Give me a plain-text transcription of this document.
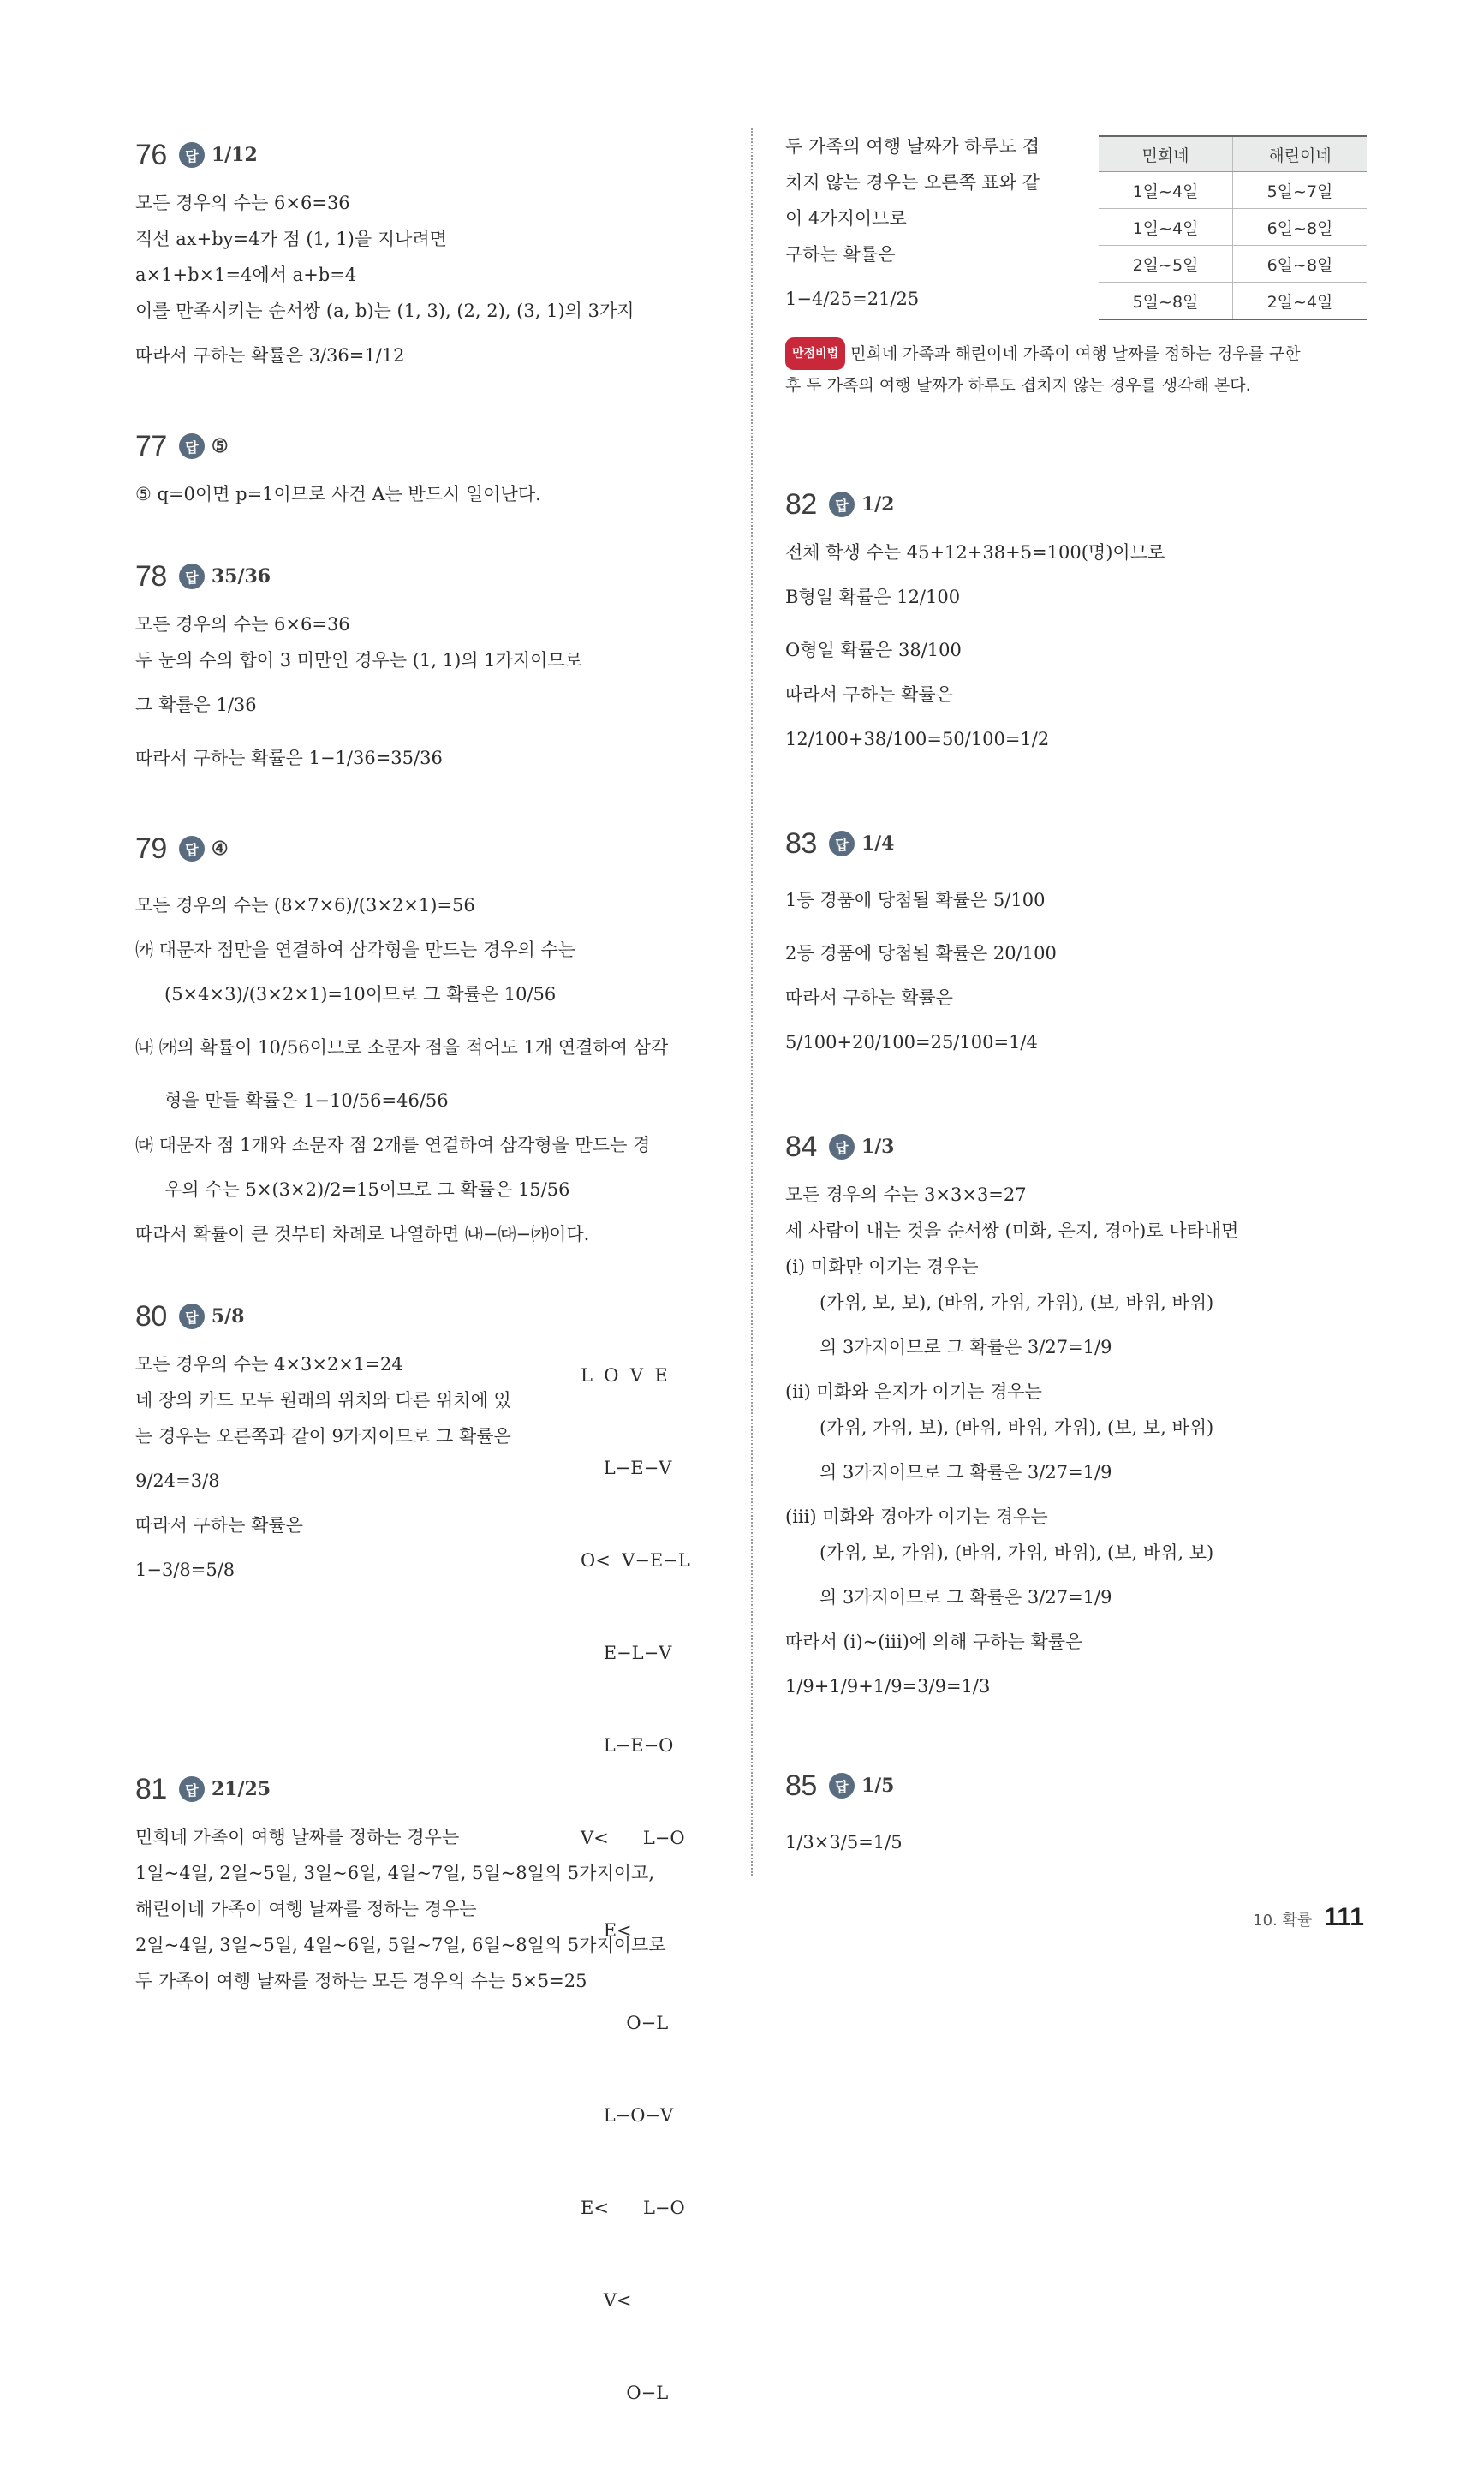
76	답 1/12
모든 경우의 수는 6×6=36
직선 ax+by=4가 점 (1, 1)을 지나려면
a×1+b×1=4에서 a+b=4
이를 만족시키는 순서쌍 (a, b)는 (1, 3), (2, 2), (3, 1)의 3가지
따라서 구하는 확률은 3/36=1/12
77	답 ⑤
⑤ q=0이면 p=1이므로 사건 A는 반드시 일어난다.
78	답 35/36
모든 경우의 수는 6×6=36
두 눈의 수의 합이 3 미만인 경우는 (1, 1)의 1가지이므로
그 확률은 1/36
따라서 구하는 확률은 1−1/36=35/36
79	답 ④
모든 경우의 수는 (8×7×6)/(3×2×1)=56
㈎ 대문자 점만을 연결하여 삼각형을 만드는 경우의 수는
(5×4×3)/(3×2×1)=10이므로 그 확률은 10/56
㈏ ㈎의 확률이 10/56이므로 소문자 점을 적어도 1개 연결하여 삼각
형을 만들 확률은 1−10/56=46/56
㈐ 대문자 점 1개와 소문자 점 2개를 연결하여 삼각형을 만드는 경
우의 수는 5×(3×2)/2=15이므로 그 확률은 15/56
따라서 확률이 큰 것부터 차례로 나열하면 ㈏−㈐−㈎이다.
80	답 5/8
모든 경우의 수는 4×3×2×1=24
네 장의 카드 모두 원래의 위치와 다른 위치에 있
는 경우는 오른쪽과 같이 9가지이므로 그 확률은
9/24=3/8
따라서 구하는 확률은
1−3/8=5/8

L  O  V  E

L−E−V

O<  V−E−L

E−L−V

L−E−O

V<      L−O

E<

O−L

L−O−V

E<      L−O

V<

O−L

81	답 21/25
민희네 가족이 여행 날짜를 정하는 경우는
1일~4일, 2일~5일, 3일~6일, 4일~7일, 5일~8일의 5가지이고,
해린이네 가족이 여행 날짜를 정하는 경우는
2일~4일, 3일~5일, 4일~6일, 5일~7일, 6일~8일의 5가지이므로
두 가족이 여행 날짜를 정하는 모든 경우의 수는 5×5=25
두 가족의 여행 날짜가 하루도 겹
치지 않는 경우는 오른쪽 표와 같
이 4가지이므로
구하는 확률은
1−4/25=21/25
민희네	해린이네
1일~4일	5일~7일
1일~4일	6일~8일
2일~5일	6일~8일
5일~8일	2일~4일
만점비법 민희네 가족과 해린이네 가족이 여행 날짜를 정하는 경우를 구한
후 두 가족의 여행 날짜가 하루도 겹치지 않는 경우를 생각해 본다.
82	답 1/2
전체 학생 수는 45+12+38+5=100(명)이므로
B형일 확률은 12/100
O형일 확률은 38/100
따라서 구하는 확률은
12/100+38/100=50/100=1/2
83	답 1/4
1등 경품에 당첨될 확률은 5/100
2등 경품에 당첨될 확률은 20/100
따라서 구하는 확률은
5/100+20/100=25/100=1/4
84	답 1/3
모든 경우의 수는 3×3×3=27
세 사람이 내는 것을 순서쌍 (미화, 은지, 경아)로 나타내면
(i) 미화만 이기는 경우는
(가위, 보, 보), (바위, 가위, 가위), (보, 바위, 바위)
의 3가지이므로 그 확률은 3/27=1/9
(ii) 미화와 은지가 이기는 경우는
(가위, 가위, 보), (바위, 바위, 가위), (보, 보, 바위)
의 3가지이므로 그 확률은 3/27=1/9
(iii) 미화와 경아가 이기는 경우는
(가위, 보, 가위), (바위, 가위, 바위), (보, 바위, 보)
의 3가지이므로 그 확률은 3/27=1/9
따라서 (i)~(iii)에 의해 구하는 확률은
1/9+1/9+1/9=3/9=1/3
85	답 1/5
1/3×3/5=1/5
10. 확률 111
